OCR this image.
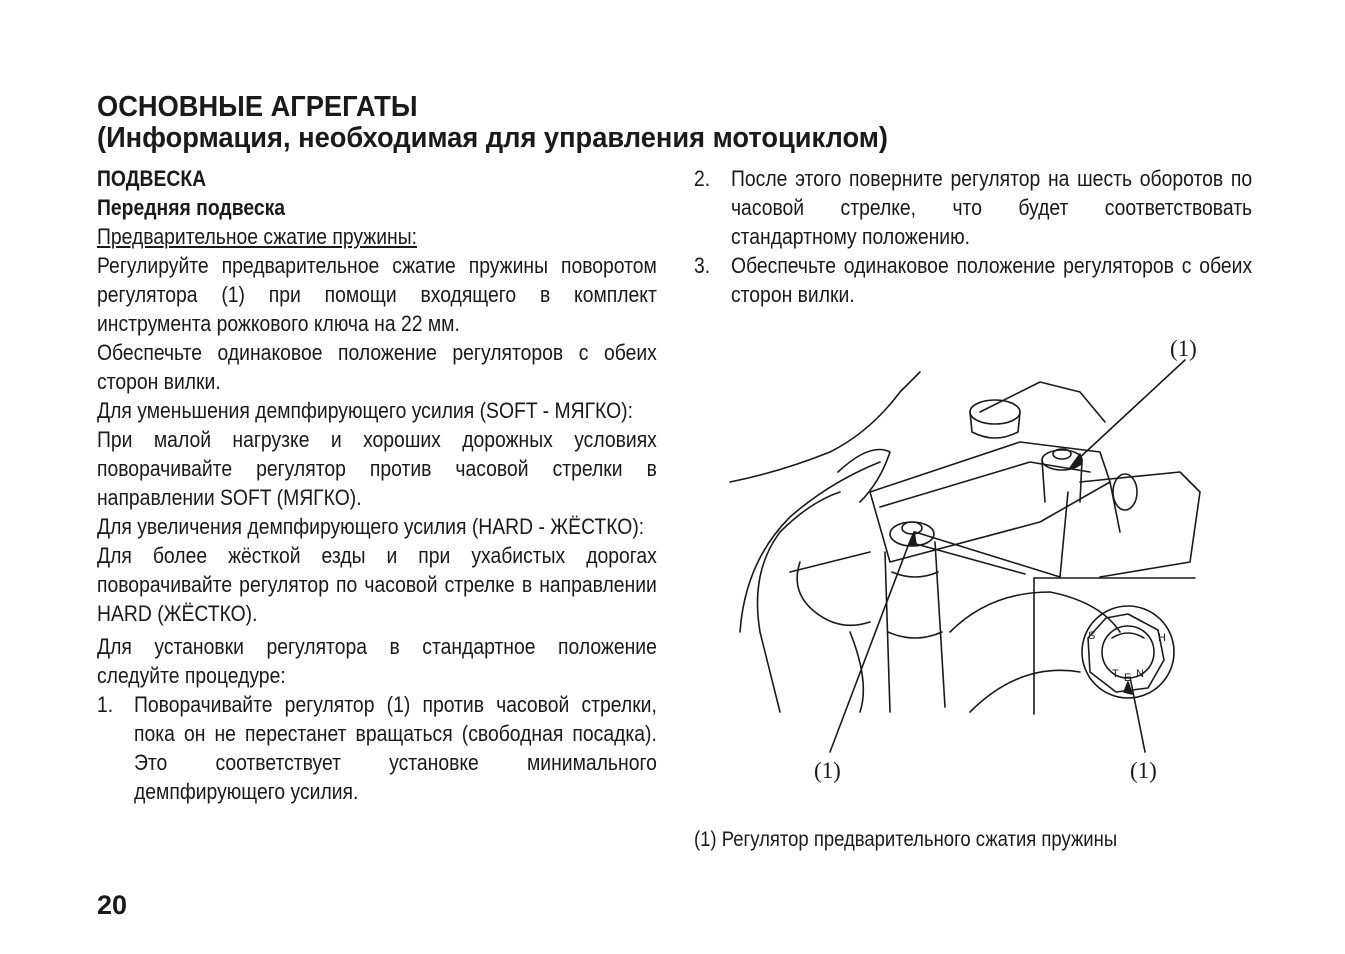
ОСНОВНЫЕ АГРЕГАТЫ
(Информация, необходимая для управления мотоциклом)
ПОДВЕСКА
Передняя подвеска
Предварительное сжатие пружины:

Регулируйте предварительное сжатие пружины поворотом регулятора (1) при помощи входящего в комплект инструмента рожкового ключа на 22 мм.

Обеспечьте одинаковое положение регуляторов с обеих сторон вилки.

Для уменьшения демпфирующего усилия (SOFT - МЯГКО):

При малой нагрузке и хороших дорожных условиях поворачивайте регулятор против часовой стрелки в направлении SOFT (МЯГКО).

Для увеличения демпфирующего усилия (HARD - ЖЁСТКО):

Для более жёсткой езды и при ухабистых дорогах поворачивайте регулятор по часовой стрелке в направлении HARD (ЖЁСТКО).

Для установки регулятора в стандартное положение следуйте процедуре:

1. Поворачивайте регулятор (1) против часовой стрелки, пока он не перестанет вращаться (свободная посадка). Это соответствует установке минимального демпфирующего усилия.
2. После этого поверните регулятор на шесть оборотов по часовой стрелке, что будет соответствовать стандартному положению.
3. Обеспечьте одинаковое положение регуляторов с обеих сторон вилки.
S	H
T E N
(1)
(1)	(1)
(1) Регулятор предварительного сжатия пружины
20
